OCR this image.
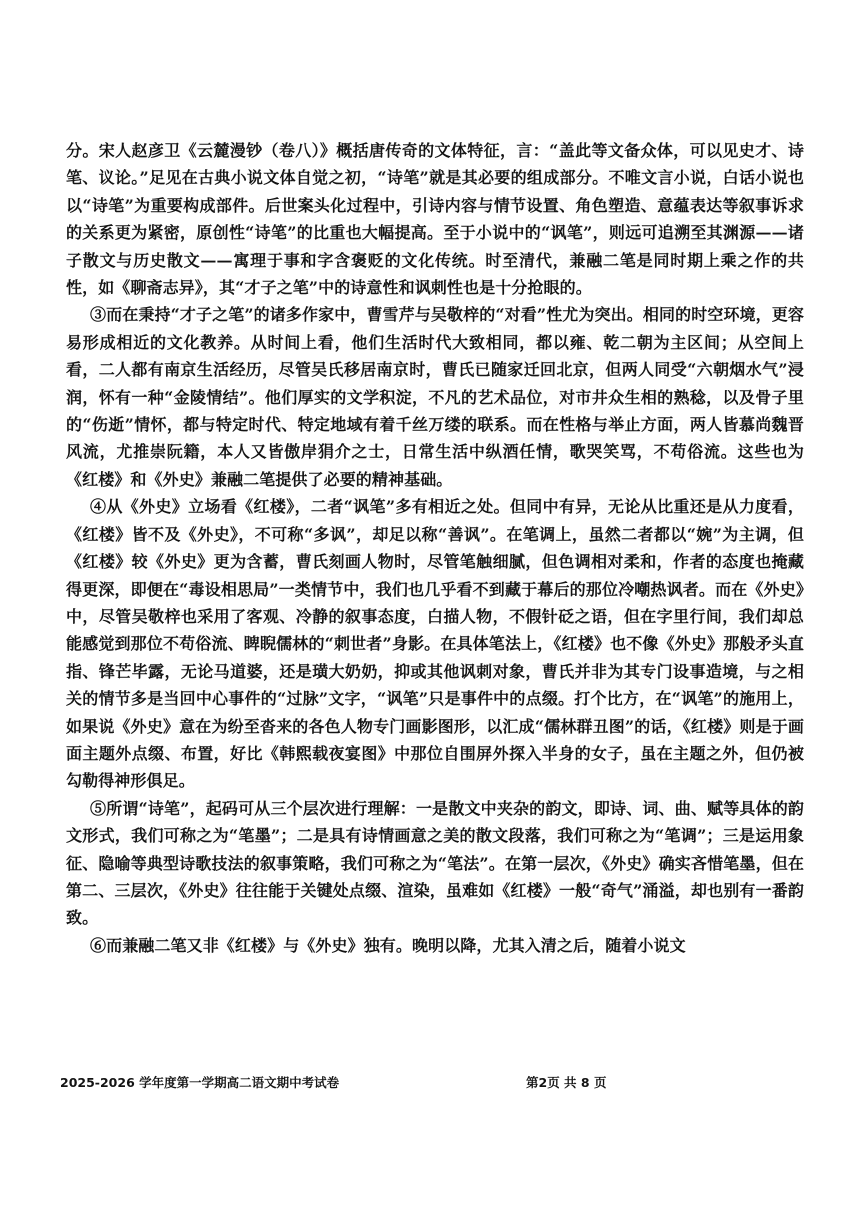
分。宋人赵彦卫《云麓漫钞（卷八）》概括唐传奇的文体特征，言：“盖此等文备众体，可以见史才、诗笔、议论。”足见在古典小说文体自觉之初，“诗笔”就是其必要的组成部分。不唯文言小说，白话小说也以“诗笔”为重要构成部件。后世案头化过程中，引诗内容与情节设置、角色塑造、意蕴表达等叙事诉求的关系更为紧密，原创性“诗笔”的比重也大幅提高。至于小说中的“讽笔”，则远可追溯至其渊源——诸子散文与历史散文——寓理于事和字含褒贬的文化传统。时至清代，兼融二笔是同时期上乘之作的共性，如《聊斋志异》，其“才子之笔”中的诗意性和讽刺性也是十分抢眼的。

③而在秉持“才子之笔”的诸多作家中，曹雪芹与吴敬梓的“对看”性尤为突出。相同的时空环境，更容易形成相近的文化教养。从时间上看，他们生活时代大致相同，都以雍、乾二朝为主区间；从空间上看，二人都有南京生活经历，尽管吴氏移居南京时，曹氏已随家迁回北京，但两人同受“六朝烟水气”浸润，怀有一种“金陵情结”。他们厚实的文学积淀，不凡的艺术品位，对市井众生相的熟稔，以及骨子里的“伤逝”情怀，都与特定时代、特定地域有着千丝万缕的联系。而在性格与举止方面，两人皆慕尚魏晋风流，尤推崇阮籍，本人又皆傲岸狷介之士，日常生活中纵酒任情，歌哭笑骂，不苟俗流。这些也为《红楼》和《外史》兼融二笔提供了必要的精神基础。

④从《外史》立场看《红楼》，二者“讽笔”多有相近之处。但同中有异，无论从比重还是从力度看，《红楼》皆不及《外史》，不可称“多讽”，却足以称“善讽”。在笔调上，虽然二者都以“婉”为主调，但《红楼》较《外史》更为含蓄，曹氏刻画人物时，尽管笔触细腻，但色调相对柔和，作者的态度也掩藏得更深，即便在“毒设相思局”一类情节中，我们也几乎看不到藏于幕后的那位冷嘲热讽者。而在《外史》中，尽管吴敬梓也采用了客观、冷静的叙事态度，白描人物，不假针砭之语，但在字里行间，我们却总能感觉到那位不苟俗流、睥睨儒林的“刺世者”身影。在具体笔法上，《红楼》也不像《外史》那般矛头直指、锋芒毕露，无论马道婆，还是璜大奶奶，抑或其他讽刺对象，曹氏并非为其专门设事造境，与之相关的情节多是当回中心事件的“过脉”文字，“讽笔”只是事件中的点缀。打个比方，在“讽笔”的施用上，如果说《外史》意在为纷至沓来的各色人物专门画影图形，以汇成“儒林群丑图”的话，《红楼》则是于画面主题外点缀、布置，好比《韩熙载夜宴图》中那位自围屏外探入半身的女子，虽在主题之外，但仍被勾勒得神形俱足。

⑤所谓“诗笔”，起码可从三个层次进行理解：一是散文中夹杂的韵文，即诗、词、曲、赋等具体的韵文形式，我们可称之为“笔墨”；二是具有诗情画意之美的散文段落，我们可称之为“笔调”；三是运用象征、隐喻等典型诗歌技法的叙事策略，我们可称之为“笔法”。在第一层次，《外史》确实吝惜笔墨，但在第二、三层次，《外史》往往能于关键处点缀、渲染，虽难如《红楼》一般“奇气”涌溢，却也别有一番韵致。

⑥而兼融二笔又非《红楼》与《外史》独有。晚明以降，尤其入清之后，随着小说文

2025-2026 学年度第一学期高二语文期中考试卷	第2页 共 8 页
